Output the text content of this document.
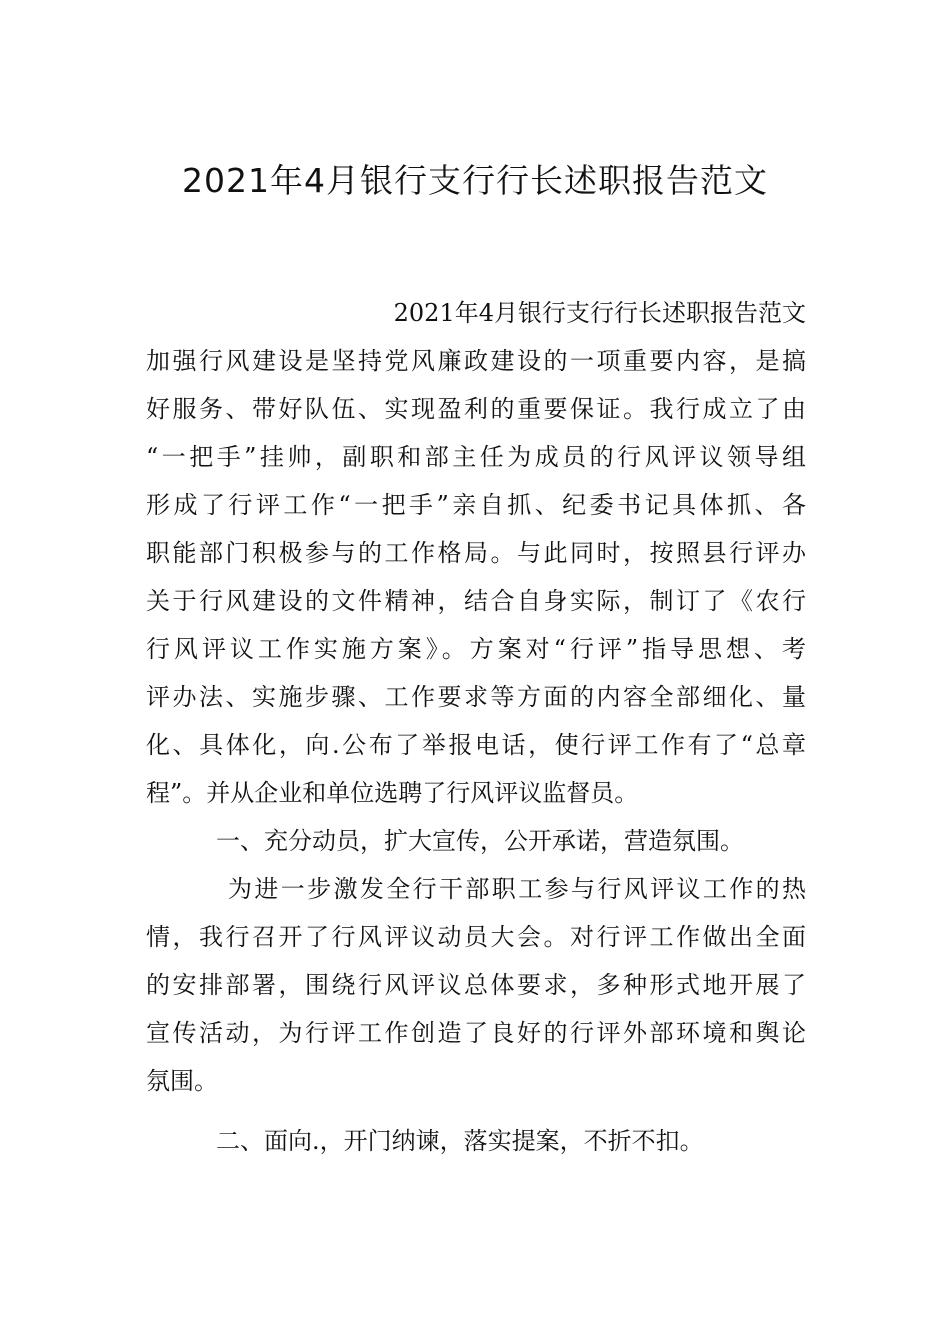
2021年4月银行支行行长述职报告范文
2021年4月银行支行行长述职报告范文
加强行风建设是坚持党风廉政建设的一项重要内容，是搞
好服务、带好队伍、实现盈利的重要保证。我行成立了由
“一把手”挂帅，副职和部主任为成员的行风评议领导组
形成了行评工作“一把手”亲自抓、纪委书记具体抓、各
职能部门积极参与的工作格局。与此同时，按照县行评办
关于行风建设的文件精神，结合自身实际，制订了《农行
行风评议工作实施方案》。方案对“行评”指导思想、考
评办法、实施步骤、工作要求等方面的内容全部细化、量
化、具体化，向.公布了举报电话，使行评工作有了“总章
程”。并从企业和单位选聘了行风评议监督员。
一、充分动员，扩大宣传，公开承诺，营造氛围。
为进一步激发全行干部职工参与行风评议工作的热
情，我行召开了行风评议动员大会。对行评工作做出全面
的安排部署，围绕行风评议总体要求，多种形式地开展了
宣传活动，为行评工作创造了良好的行评外部环境和舆论
氛围。
二、面向.，开门纳谏，落实提案，不折不扣。
